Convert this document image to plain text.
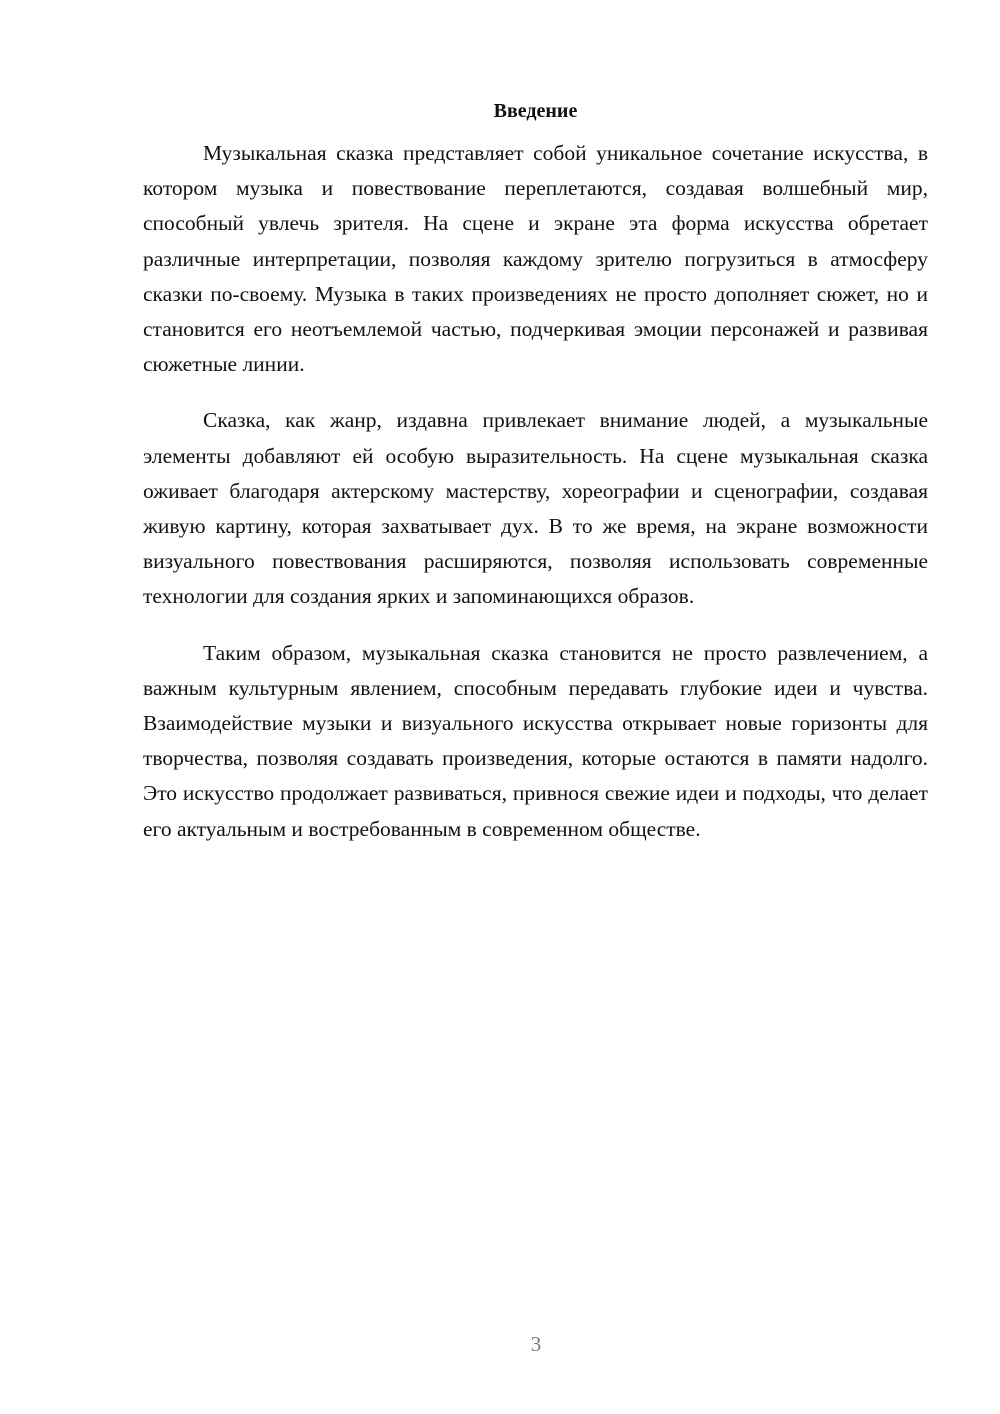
Введение

Музыкальная сказка представляет собой уникальное сочетание искусства, в котором музыка и повествование переплетаются, создавая волшебный мир, способный увлечь зрителя. На сцене и экране эта форма искусства обретает различные интерпретации, позволяя каждому зрителю погрузиться в атмосферу сказки по-своему. Музыка в таких произведениях не просто дополняет сюжет, но и становится его неотъемлемой частью, подчеркивая эмоции персонажей и развивая сюжетные линии.

Сказка, как жанр, издавна привлекает внимание людей, а музыкальные элементы добавляют ей особую выразительность. На сцене музыкальная сказка оживает благодаря актерскому мастерству, хореографии и сценографии, создавая живую картину, которая захватывает дух. В то же время, на экране возможности визуального повествования расширяются, позволяя использовать современные технологии для создания ярких и запоминающихся образов.

Таким образом, музыкальная сказка становится не просто развлечением, а важным культурным явлением, способным передавать глубокие идеи и чувства. Взаимодействие музыки и визуального искусства открывает новые горизонты для творчества, позволяя создавать произведения, которые остаются в памяти надолго. Это искусство продолжает развиваться, привнося свежие идеи и подходы, что делает его актуальным и востребованным в современном обществе.

3
